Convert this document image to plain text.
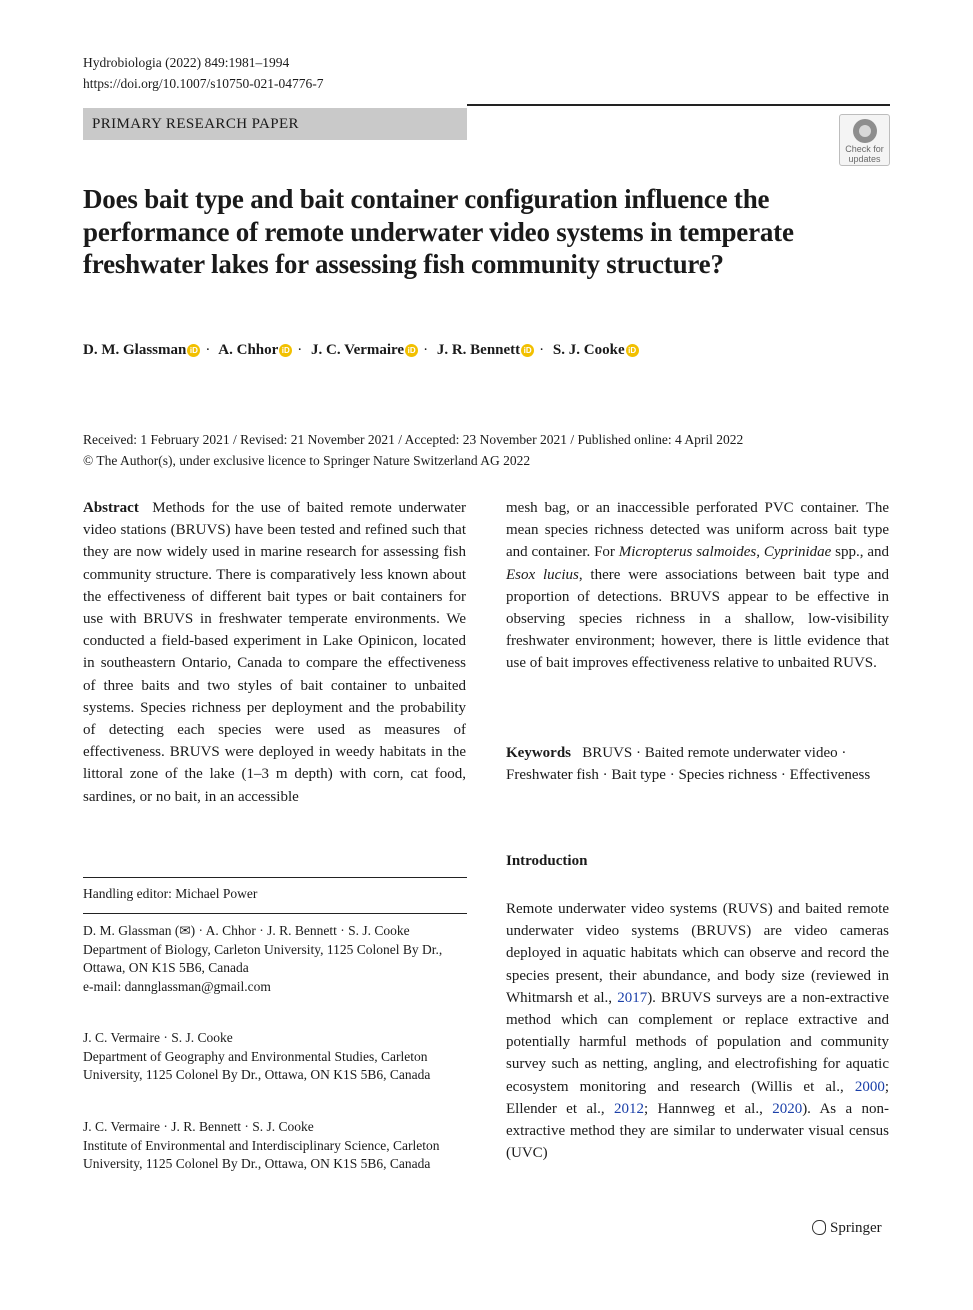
Hydrobiologia (2022) 849:1981–1994
https://doi.org/10.1007/s10750-021-04776-7
PRIMARY RESEARCH PAPER
Check for updates
Does bait type and bait container configuration influence the performance of remote underwater video systems in temperate freshwater lakes for assessing fish community structure?
D. M. Glassman iD · A. Chhor iD · J. C. Vermaire iD · J. R. Bennett iD · S. J. Cooke iD
Received: 1 February 2021 / Revised: 21 November 2021 / Accepted: 23 November 2021 / Published online: 4 April 2022
© The Author(s), under exclusive licence to Springer Nature Switzerland AG 2022
Abstract Methods for the use of baited remote underwater video stations (BRUVS) have been tested and refined such that they are now widely used in marine research for assessing fish community structure. There is comparatively less known about the effectiveness of different bait types or bait containers for use with BRUVS in freshwater temperate environments. We conducted a field-based experiment in Lake Opinicon, located in southeastern Ontario, Canada to compare the effectiveness of three baits and two styles of bait container to unbaited systems. Species richness per deployment and the probability of detecting each species were used as measures of effectiveness. BRUVS were deployed in weedy habitats in the littoral zone of the lake (1–3 m depth) with corn, cat food, sardines, or no bait, in an accessible
mesh bag, or an inaccessible perforated PVC container. The mean species richness detected was uniform across bait type and container. For Micropterus salmoides, Cyprinidae spp., and Esox lucius, there were associations between bait type and proportion of detections. BRUVS appear to be effective in observing species richness in a shallow, low-visibility freshwater environment; however, there is little evidence that use of bait improves effectiveness relative to unbaited RUVS.
Keywords BRUVS · Baited remote underwater video · Freshwater fish · Bait type · Species richness · Effectiveness
Introduction
Remote underwater video systems (RUVS) and baited remote underwater video systems (BRUVS) are video cameras deployed in aquatic habitats which can observe and record the species present, their abundance, and body size (reviewed in Whitmarsh et al., 2017). BRUVS surveys are a non-extractive method which can complement or replace extractive and potentially harmful methods of population and community survey such as netting, angling, and electrofishing for aquatic ecosystem monitoring and research (Willis et al., 2000; Ellender et al., 2012; Hannweg et al., 2020). As a non-extractive method they are similar to underwater visual census (UVC)
Handling editor: Michael Power
D. M. Glassman (✉) · A. Chhor · J. R. Bennett · S. J. Cooke
Department of Biology, Carleton University, 1125 Colonel By Dr., Ottawa, ON K1S 5B6, Canada
e-mail: dannglassman@gmail.com
J. C. Vermaire · S. J. Cooke
Department of Geography and Environmental Studies, Carleton University, 1125 Colonel By Dr., Ottawa, ON K1S 5B6, Canada
J. C. Vermaire · J. R. Bennett · S. J. Cooke
Institute of Environmental and Interdisciplinary Science, Carleton University, 1125 Colonel By Dr., Ottawa, ON K1S 5B6, Canada
Springer
